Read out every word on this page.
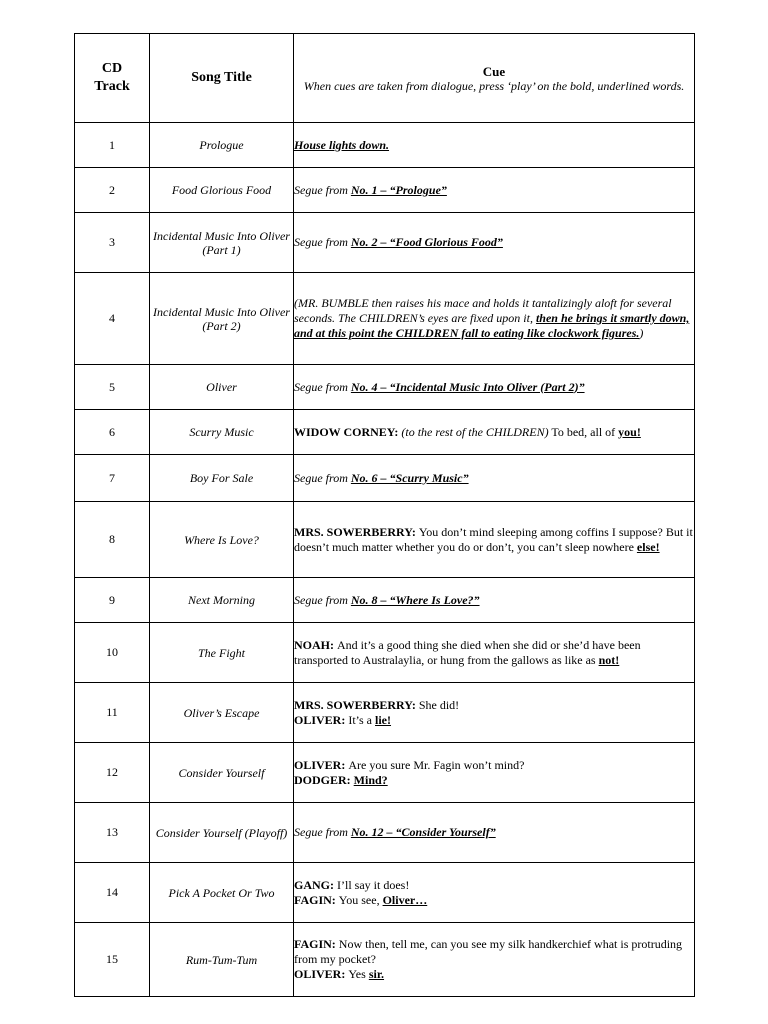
CD Track	Song Title	Cue
When cues are taken from dialogue, press ‘play’ on the bold, underlined words.

1	Prologue	House lights down.
2	Food Glorious Food	Segue from No. 1 – “Prologue”
3	Incidental Music Into Oliver (Part 1)	Segue from No. 2 – “Food Glorious Food”
4	Incidental Music Into Oliver (Part 2)	(MR. BUMBLE then raises his mace and holds it tantalizingly aloft for several seconds. The CHILDREN’s eyes are fixed upon it, then he brings it smartly down, and at this point the CHILDREN fall to eating like clockwork figures.)
5	Oliver	Segue from No. 4 – “Incidental Music Into Oliver (Part 2)”
6	Scurry Music	WIDOW CORNEY: (to the rest of the CHILDREN) To bed, all of you!
7	Boy For Sale	Segue from No. 6 – “Scurry Music”
8	Where Is Love?	MRS. SOWERBERRY: You don’t mind sleeping among coffins I suppose? But it doesn’t much matter whether you do or don’t, you can’t sleep nowhere else!
9	Next Morning	Segue from No. 8 – “Where Is Love?”
10	The Fight	NOAH: And it’s a good thing she died when she did or she’d have been transported to Australaylia, or hung from the gallows as like as not!
11	Oliver’s Escape	MRS. SOWERBERRY: She did!
OLIVER: It’s a lie!
12	Consider Yourself	OLIVER: Are you sure Mr. Fagin won’t mind?
DODGER: Mind?
13	Consider Yourself (Playoff)	Segue from No. 12 – “Consider Yourself”
14	Pick A Pocket Or Two	GANG: I’ll say it does!
FAGIN: You see, Oliver…
15	Rum-Tum-Tum	FAGIN: Now then, tell me, can you see my silk handkerchief what is protruding from my pocket?
OLIVER: Yes sir.
